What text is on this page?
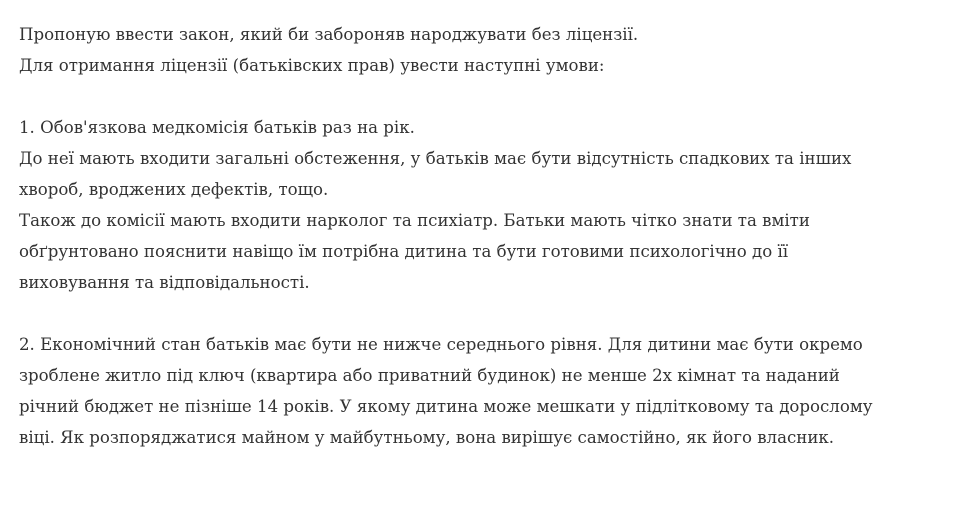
Пропоную ввести закон, який би забороняв народжувати без ліцензії.
Для отримання ліцензії (батьківских прав) увести наступні умови:

1. Обов'язкова медкомісія батьків раз на рік.
До неї мають входити загальні обстеження, у батьків має бути відсутність спадкових та інших
хвороб, вроджених дефектів, тощо.
Також до комісії мають входити нарколог та психіатр. Батьки мають чітко знати та вміти
обґрунтовано пояснити навіщо їм потрібна дитина та бути готовими психологічно до її
виховування та відповідальності.

2. Економічний стан батьків має бути не нижче середнього рівня. Для дитини має бути окремо
зроблене житло під ключ (квартира або приватний будинок) не менше 2х кімнат та наданий
річний бюджет не пізніше 14 років. У якому дитина може мешкати у підлітковому та дорослому
віці. Як розпоряджатися майном у майбутньому, вона вирішує самостійно, як його власник.
